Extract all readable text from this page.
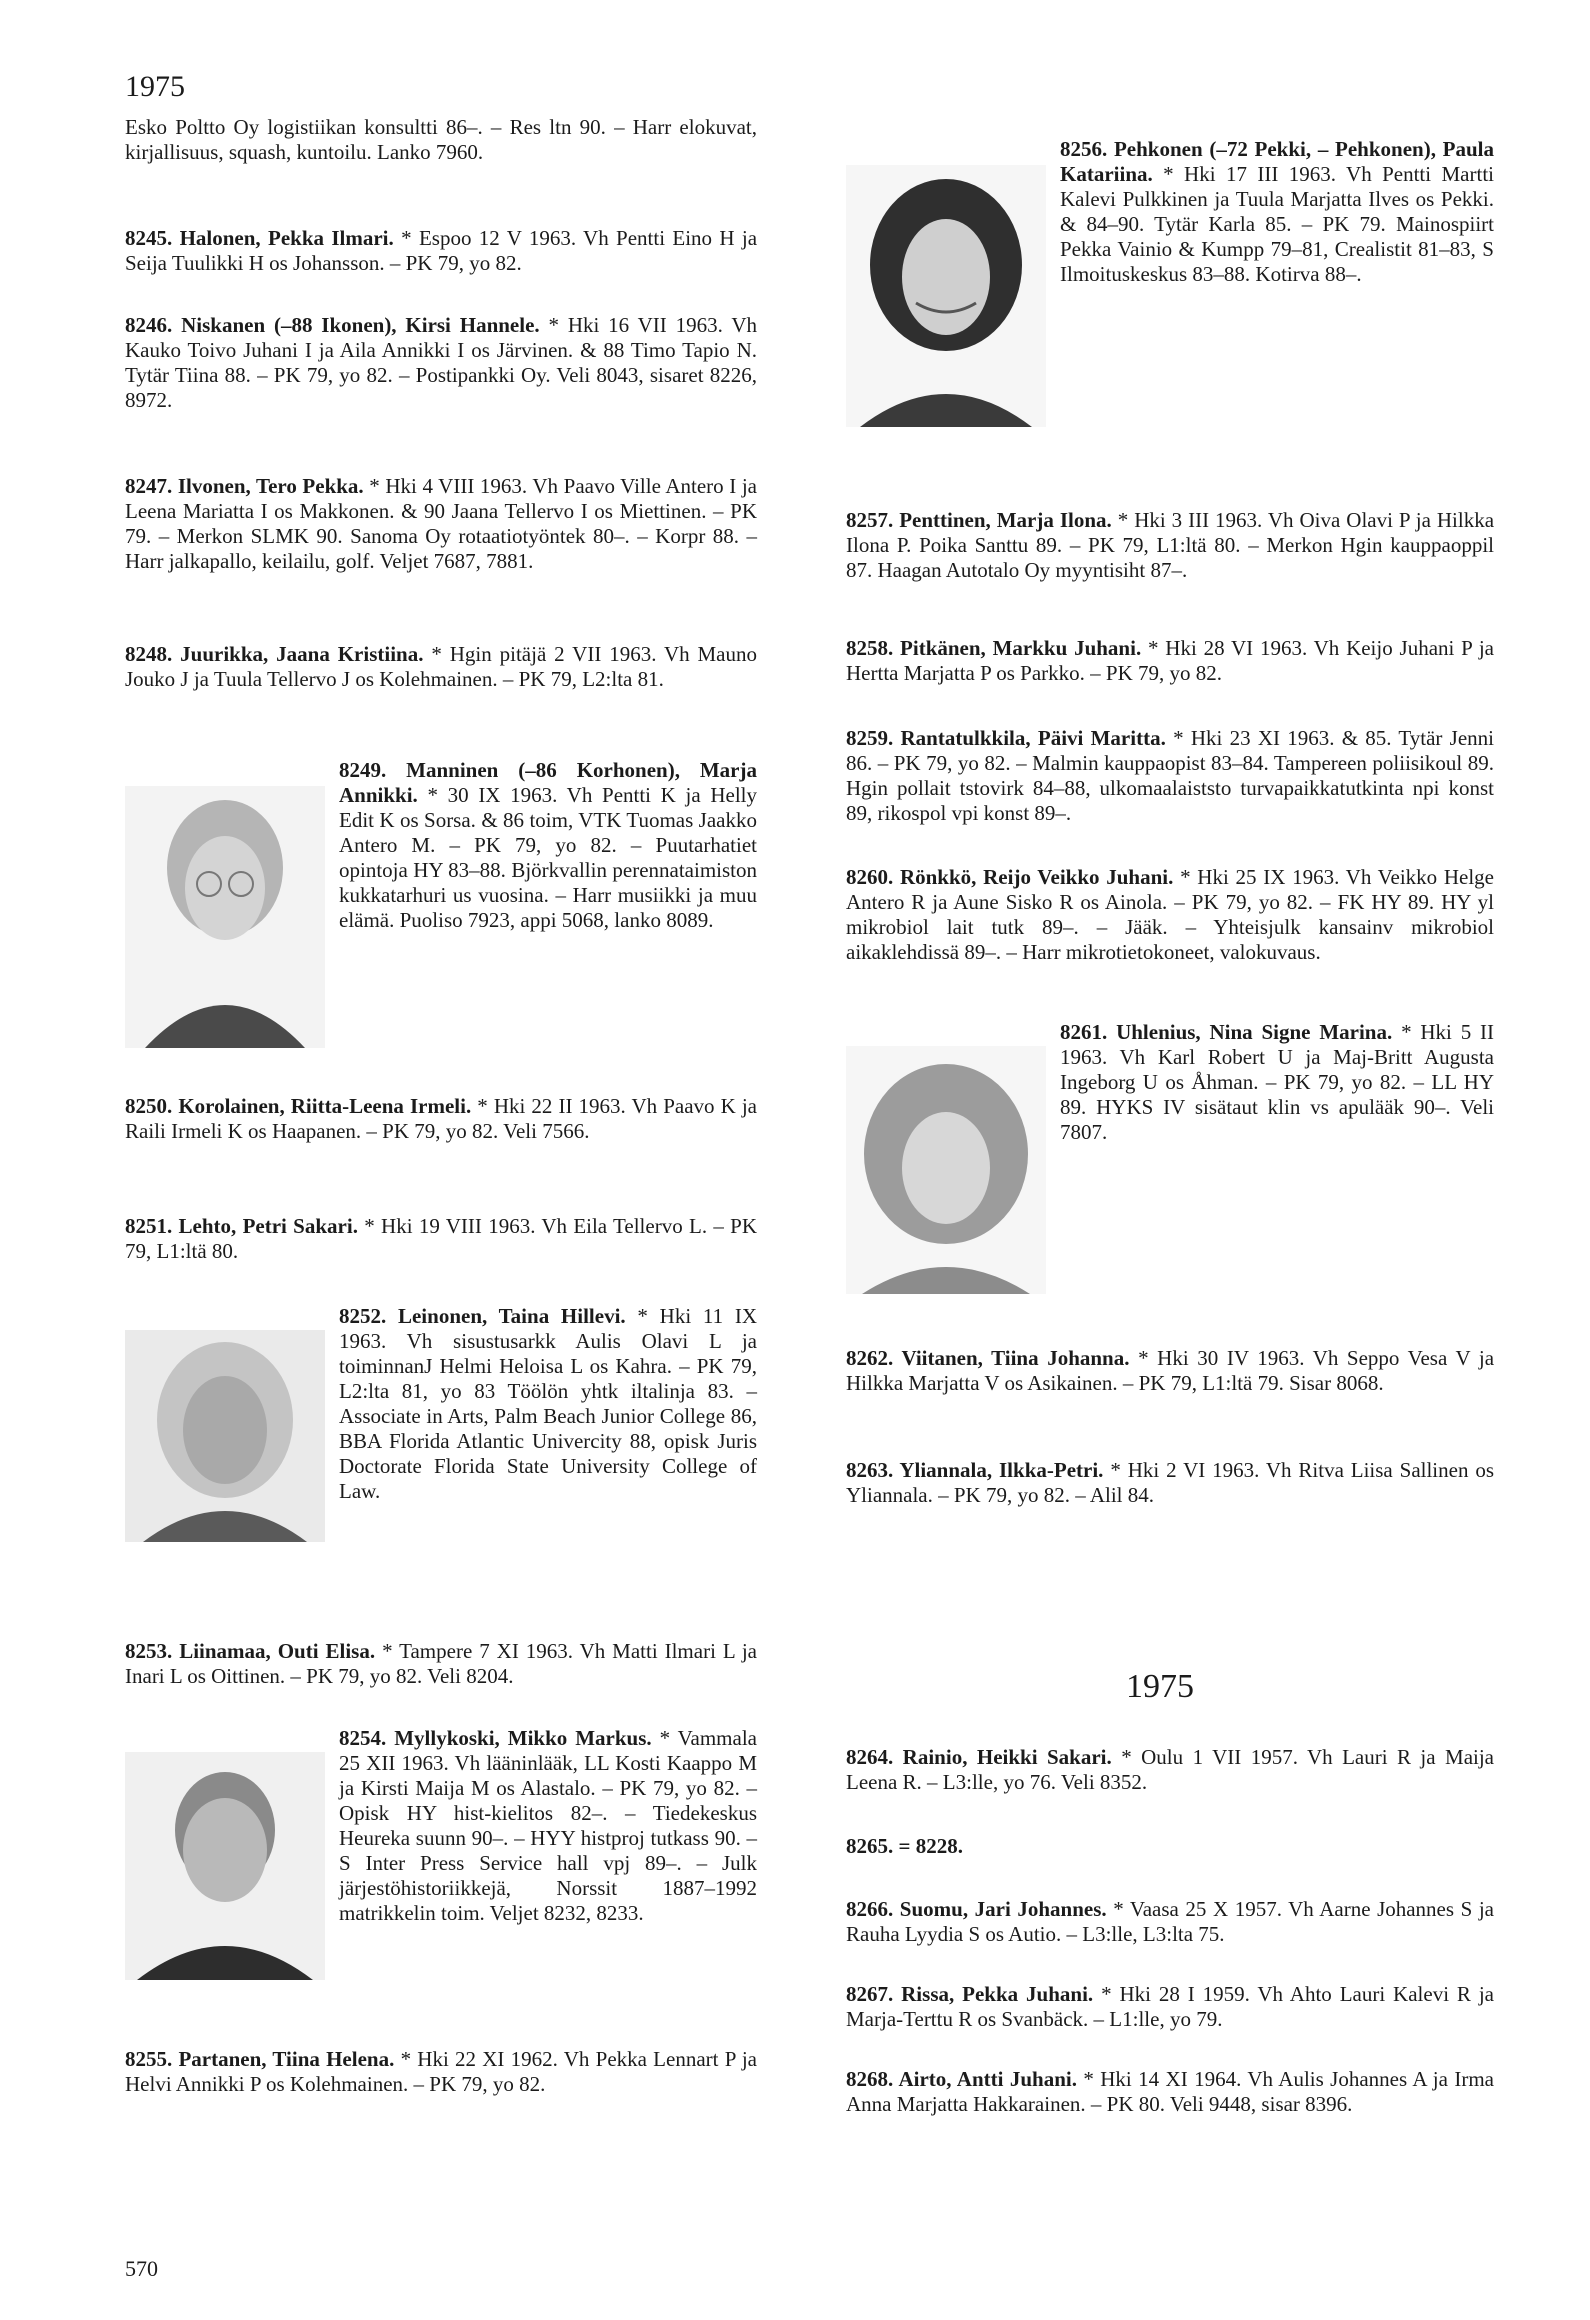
1975
Esko Poltto Oy logistiikan konsultti 86–. – Res ltn 90. – Harr elokuvat, kirjallisuus, squash, kuntoilu. Lanko 7960.
8245. Halonen, Pekka Ilmari. * Espoo 12 V 1963. Vh Pentti Eino H ja Seija Tuulikki H os Johansson. – PK 79, yo 82.
8246. Niskanen (–88 Ikonen), Kirsi Hannele. * Hki 16 VII 1963. Vh Kauko Toivo Juhani I ja Aila Annikki I os Järvinen. & 88 Timo Tapio N. Tytär Tiina 88. – PK 79, yo 82. – Postipankki Oy. Veli 8043, sisaret 8226, 8972.
8247. Ilvonen, Tero Pekka. * Hki 4 VIII 1963. Vh Paavo Ville Antero I ja Leena Mariatta I os Makkonen. & 90 Jaana Tellervo I os Miettinen. – PK 79. – Merkon SLMK 90. Sanoma Oy rotaatiotyöntek 80–. – Korpr 88. – Harr jalkapallo, keilailu, golf. Veljet 7687, 7881.
8248. Juurikka, Jaana Kristiina. * Hgin pitäjä 2 VII 1963. Vh Mauno Jouko J ja Tuula Tellervo J os Kolehmainen. – PK 79, L2:lta 81.
8249. Manninen (–86 Korhonen), Marja Annikki. * 30 IX 1963. Vh Pentti K ja Helly Edit K os Sorsa. & 86 toim, VTK Tuomas Jaakko Antero M. – PK 79, yo 82. – Puutarhatiet opintoja HY 83–88. Björkvallin perennataimiston kukkatarhuri us vuosina. – Harr musiikki ja muu elämä. Puoliso 7923, appi 5068, lanko 8089.
8250. Korolainen, Riitta-Leena Irmeli. * Hki 22 II 1963. Vh Paavo K ja Raili Irmeli K os Haapanen. – PK 79, yo 82. Veli 7566.
8251. Lehto, Petri Sakari. * Hki 19 VIII 1963. Vh Eila Tellervo L. – PK 79, L1:ltä 80.
8252. Leinonen, Taina Hillevi. * Hki 11 IX 1963. Vh sisustusarkk Aulis Olavi L ja toiminnanJ Helmi Heloisa L os Kahra. – PK 79, L2:lta 81, yo 83 Töölön yhtk iltalinja 83. – Associate in Arts, Palm Beach Junior College 86, BBA Florida Atlantic Univercity 88, opisk Juris Doctorate Florida State University College of Law.
8253. Liinamaa, Outi Elisa. * Tampere 7 XI 1963. Vh Matti Ilmari L ja Inari L os Oittinen. – PK 79, yo 82. Veli 8204.
8254. Myllykoski, Mikko Markus. * Vammala 25 XII 1963. Vh lääninlääk, LL Kosti Kaappo M ja Kirsti Maija M os Alastalo. – PK 79, yo 82. – Opisk HY hist-kielitos 82–. – Tiedekeskus Heureka suunn 90–. – HYY histproj tutkass 90. – S Inter Press Service hall vpj 89–. – Julk järjestöhistoriikkejä, Norssit 1887–1992 matrikkelin toim. Veljet 8232, 8233.
8255. Partanen, Tiina Helena. * Hki 22 XI 1962. Vh Pekka Lennart P ja Helvi Annikki P os Kolehmainen. – PK 79, yo 82.
570
8256. Pehkonen (–72 Pekki, – Pehkonen), Paula Katariina. * Hki 17 III 1963. Vh Pentti Martti Kalevi Pulkkinen ja Tuula Marjatta Ilves os Pekki. & 84–90. Tytär Karla 85. – PK 79. Mainospiirt Pekka Vainio & Kumpp 79–81, Crealistit 81–83, S Ilmoituskeskus 83–88. Kotirva 88–.
8257. Penttinen, Marja Ilona. * Hki 3 III 1963. Vh Oiva Olavi P ja Hilkka Ilona P. Poika Santtu 89. – PK 79, L1:ltä 80. – Merkon Hgin kauppaoppil 87. Haagan Autotalo Oy myyntisiht 87–.
8258. Pitkänen, Markku Juhani. * Hki 28 VI 1963. Vh Keijo Juhani P ja Hertta Marjatta P os Parkko. – PK 79, yo 82.
8259. Rantatulkkila, Päivi Maritta. * Hki 23 XI 1963. & 85. Tytär Jenni 86. – PK 79, yo 82. – Malmin kauppaopist 83–84. Tampereen poliisikoul 89. Hgin pollait tstovirk 84–88, ulkomaalaiststo turvapaikkatutkinta npi konst 89, rikospol vpi konst 89–.
8260. Rönkkö, Reijo Veikko Juhani. * Hki 25 IX 1963. Vh Veikko Helge Antero R ja Aune Sisko R os Ainola. – PK 79, yo 82. – FK HY 89. HY yl mikrobiol lait tutk 89–. – Jääk. – Yhteisjulk kansainv mikrobiol aikaklehdissä 89–. – Harr mikrotietokoneet, valokuvaus.
8261. Uhlenius, Nina Signe Marina. * Hki 5 II 1963. Vh Karl Robert U ja Maj-Britt Augusta Ingeborg U os Åhman. – PK 79, yo 82. – LL HY 89. HYKS IV sisätaut klin vs apulääk 90–. Veli 7807.
8262. Viitanen, Tiina Johanna. * Hki 30 IV 1963. Vh Seppo Vesa V ja Hilkka Marjatta V os Asikainen. – PK 79, L1:ltä 79. Sisar 8068.
8263. Yliannala, Ilkka-Petri. * Hki 2 VI 1963. Vh Ritva Liisa Sallinen os Yliannala. – PK 79, yo 82. – Alil 84.
1975
8264. Rainio, Heikki Sakari. * Oulu 1 VII 1957. Vh Lauri R ja Maija Leena R. – L3:lle, yo 76. Veli 8352.
8265. = 8228.
8266. Suomu, Jari Johannes. * Vaasa 25 X 1957. Vh Aarne Johannes S ja Rauha Lyydia S os Autio. – L3:lle, L3:lta 75.
8267. Rissa, Pekka Juhani. * Hki 28 I 1959. Vh Ahto Lauri Kalevi R ja Marja-Terttu R os Svanbäck. – L1:lle, yo 79.
8268. Airto, Antti Juhani. * Hki 14 XI 1964. Vh Aulis Johannes A ja Irma Anna Marjatta Hakkarainen. – PK 80. Veli 9448, sisar 8396.
